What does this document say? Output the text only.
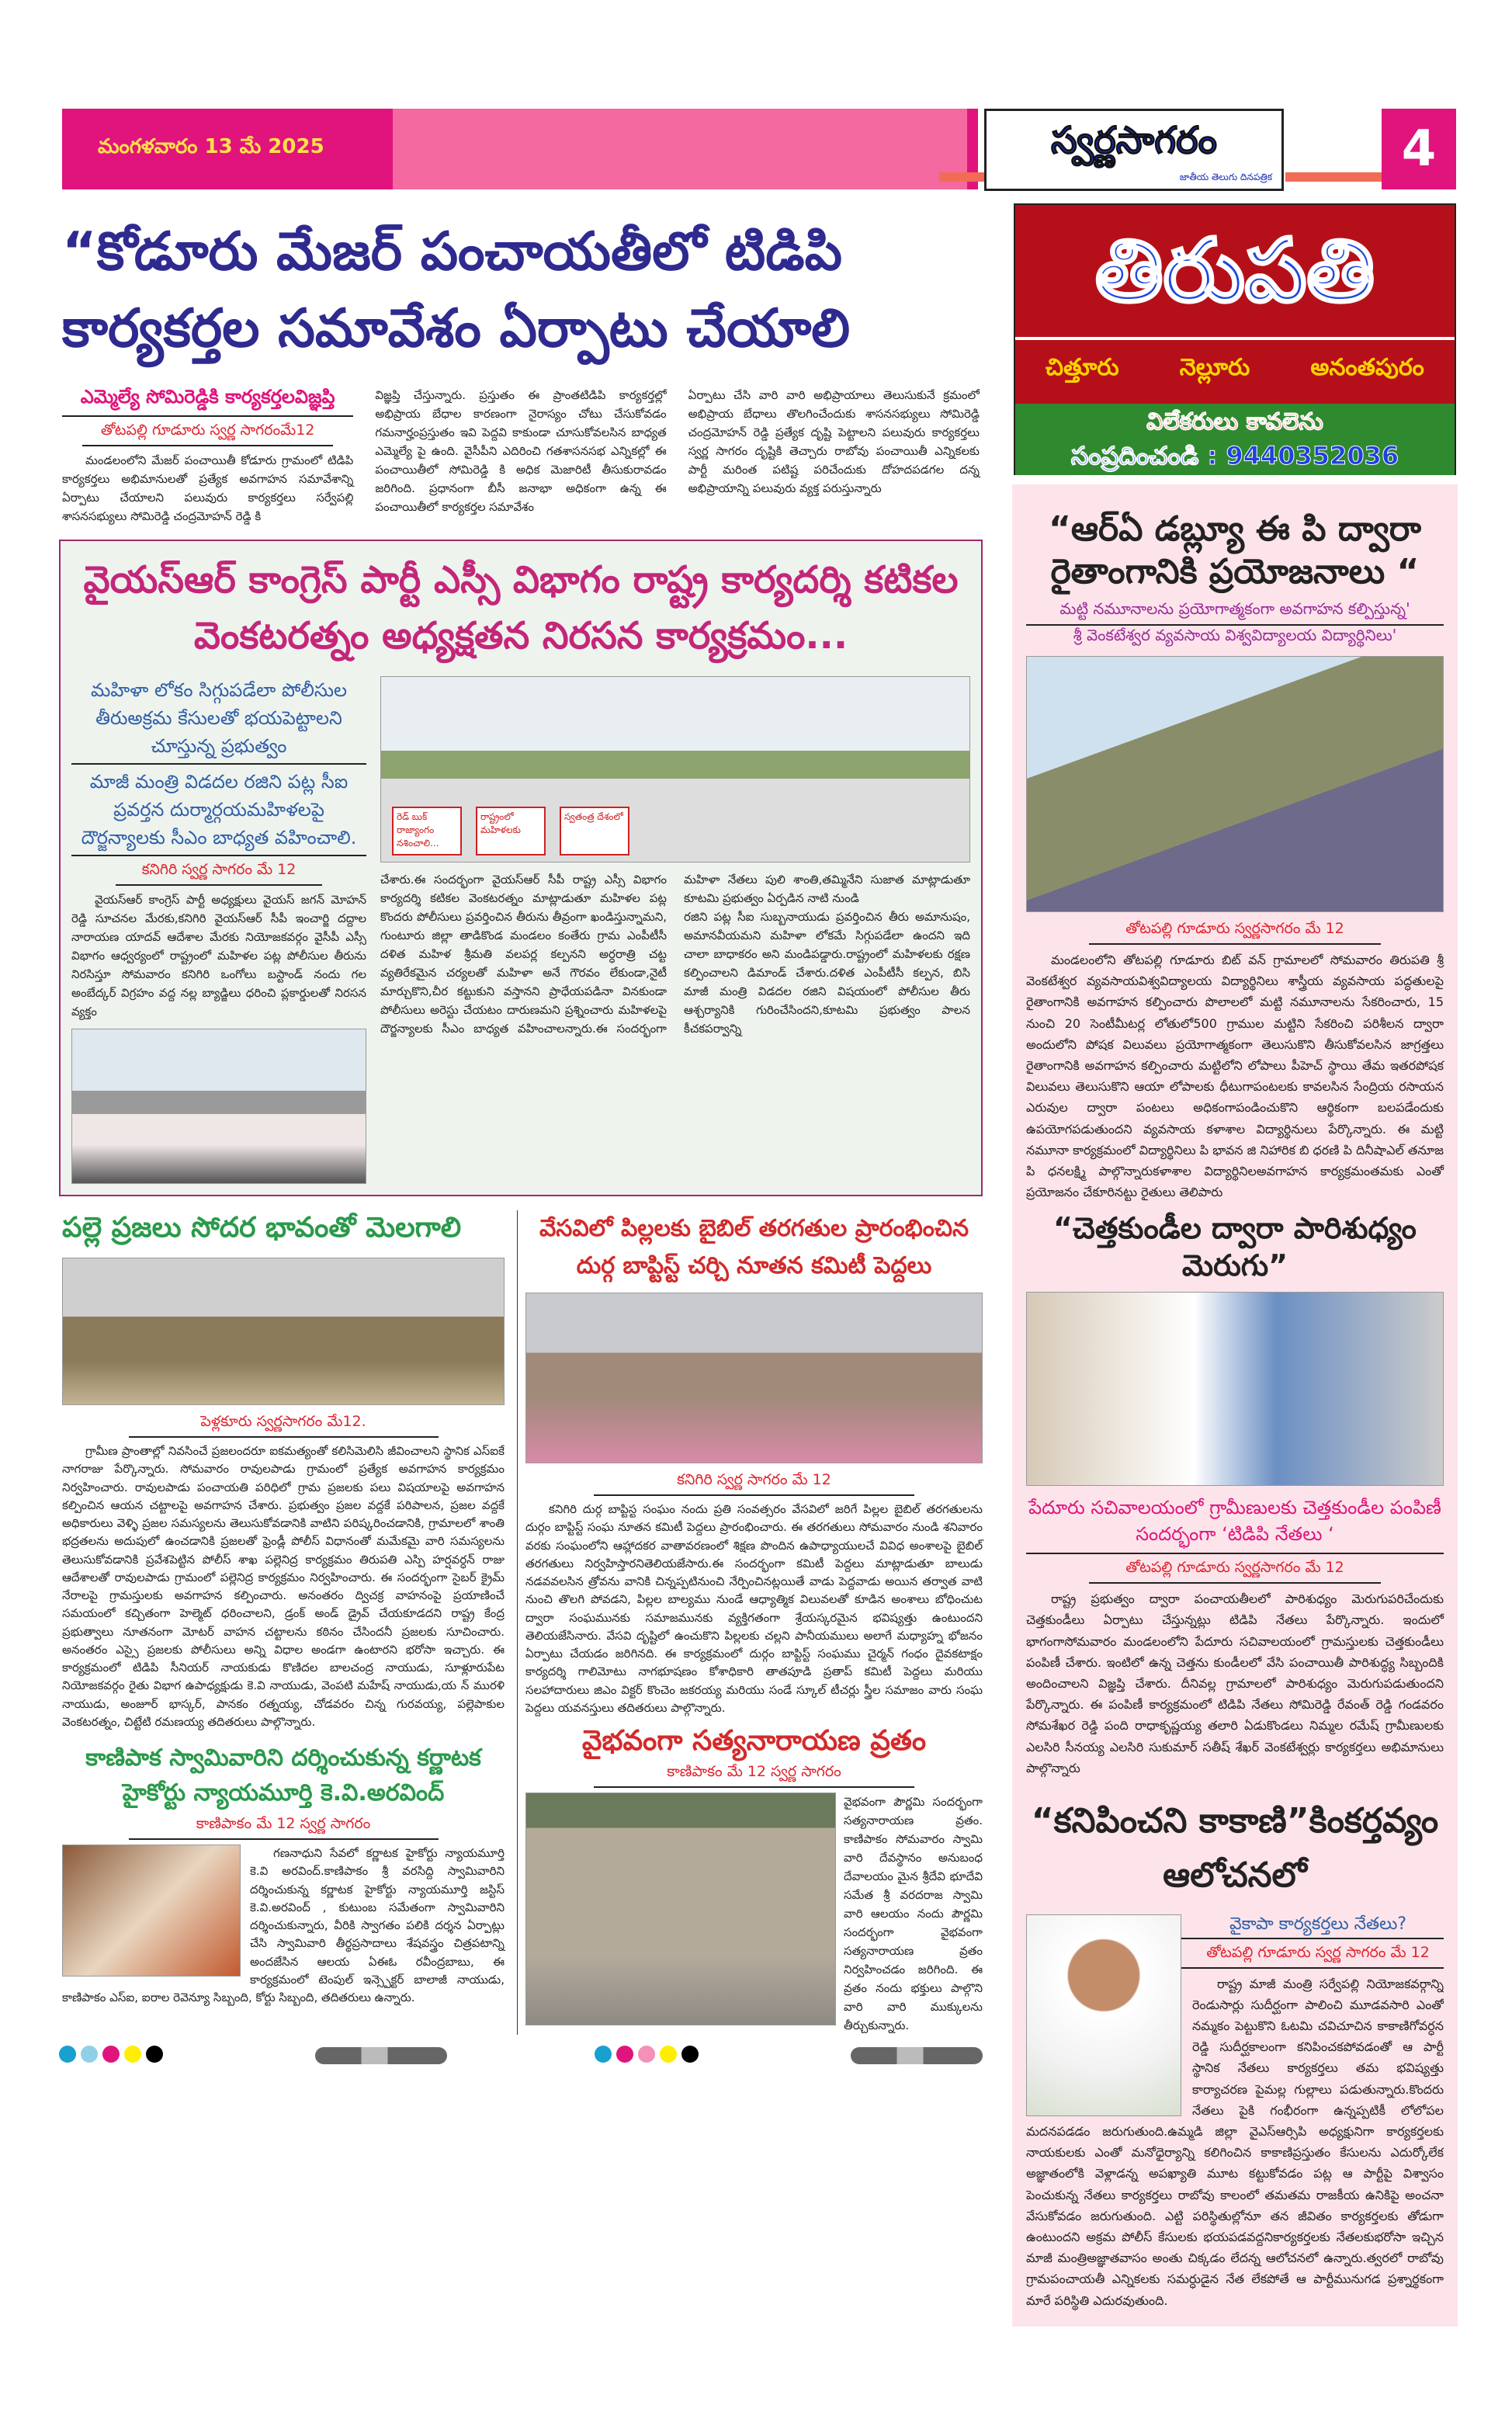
మంగళవారం 13 మే 2025	స్వర్ణసాగరం
జాతీయ తెలుగు దినపత్రిక	4
“కోడూరు మేజర్ పంచాయతీలో టిడిపి కార్యకర్తల సమావేశం ఏర్పాటు చేయాలి
ఎమ్మెల్యే సోమిరెడ్డికి కార్యకర్తలవిజ్ఞప్తి
తోటపల్లి గూడూరు స్వర్ణ సాగరంమే12

మండలంలోని మేజర్ పంచాయితీ కోడూరు గ్రామంలో టిడిపి కార్యకర్తలు అభిమానులతో ప్రత్యేక అవగాహన సమావేశాన్ని ఏర్పాటు చేయాలని పలువురు కార్యకర్తలు సర్వేపల్లి శాసనసభ్యులు సోమిరెడ్డి చంద్రమోహన్ రెడ్డి కి

విజ్ఞప్తి చేస్తున్నారు. ప్రస్తుతం ఈ ప్రాంతటిడిపి కార్యకర్తల్లో అభిప్రాయ బేధాల కారణంగా నైరాస్యం చోటు చేసుకోవడం గమనార్హంప్రస్తుతం ఇవి పెద్దవి కాకుండా చూసుకోవలసిన బాధ్యత ఎమ్మెల్యే పై ఉంది. వైసీపీని ఎదిరించి గతశాసనసభ ఎన్నికల్లో ఈ పంచాయితీలో సోమిరెడ్డి కి అధిక మెజారిటీ తీసుకురావడం జరిగింది. ప్రధానంగా బీసీ జనాభా అధికంగా ఉన్న ఈ పంచాయితీలో కార్యకర్తల సమావేశం

ఏర్పాటు చేసి వారి వారి అభిప్రాయాలు తెలుసుకునే క్రమంలో అభిప్రాయ బేధాలు తొలగించేందుకు శాసనసభ్యులు సోమిరెడ్డి చంద్రమోహన్ రెడ్డి ప్రత్యేక దృష్టి పెట్టాలని పలువురు కార్యకర్తలు స్వర్ణ సాగరం దృష్టికి తెచ్చారు రాబోవు పంచాయితీ ఎన్నికలకు పార్టీ మరింత పటిష్ట పరిచేందుకు దోహదపడగల దన్న అభిప్రాయాన్ని పలువురు వ్యక్త పరుస్తున్నారు

వైయస్ఆర్ కాంగ్రెస్ పార్టీ ఎస్సీ విభాగం రాష్ట్ర కార్యదర్శి కటికల వెంకటరత్నం అధ్యక్షతన నిరసన కార్యక్రమం...
మహిళా లోకం సిగ్గుపడేలా పోలీసుల తీరుఅక్రమ కేసులతో భయపెట్టాలని చూస్తున్న ప్రభుత్వం
మాజీ మంత్రి విడదల రజిని పట్ల సీఐ ప్రవర్తన దుర్మార్గయమహిళలపై దౌర్జన్యాలకు సీఎం బాధ్యత వహించాలి.
కనిగిరి స్వర్ణ సాగరం మే 12

వైయస్ఆర్ కాంగ్రెస్ పార్టీ అధ్యక్షులు వైయస్ జగన్ మోహన్ రెడ్డి సూచనల మేరకు,కనిగిరి వైయస్ఆర్ సీపీ ఇంచార్జి దద్దాల నారాయణ యాదవ్ ఆదేశాల మేరకు నియోజకవర్గం వైసీపీ ఎస్సీ విభాగం ఆధ్వర్యంలో రాష్ట్రంలో మహిళల పట్ల పోలీసుల తీరును నిరసిస్తూ సోమవారం కనిగిరి ఒంగోలు బస్టాండ్ నందు గల అంబేద్కర్ విగ్రహం వద్ద నల్ల బ్యాడ్జిలు ధరించి ప్లకార్డులతో నిరసన వ్యక్తం

రెడ్ బుక్ రాజ్యాంగం నశించాలి...
రాష్ట్రంలో మహిళలకు
స్వతంత్ర దేశంలో

చేశారు.ఈ సందర్భంగా వైయస్ఆర్ సీపీ రాష్ట్ర ఎస్సీ విభాగం కార్యదర్శి కటికల వెంకటరత్నం మాట్లాడుతూ మహిళల పట్ల కొందరు పోలీసులు ప్రవర్తించిన తీరును తీవ్రంగా ఖండిస్తున్నామని, గుంటూరు జిల్లా తాడికొండ మండలం కంతేరు గ్రామ ఎంపీటీసీ దళిత మహిళ శ్రీమతి వలపర్ల కల్పనని అర్ధరాత్రి చట్ట వ్యతిరేకమైన చర్యలతో మహిళా అనే గౌరవం లేకుండా,నైటీ మార్చుకొని,చీర కట్టుకుని వస్తానని ప్రాధేయపడినా వినకుండా పోలీసులు అరెస్టు చేయటం దారుణమని ప్రశ్నించారు మహిళలపై దౌర్జన్యాలకు సీఎం బాధ్యత వహించాలన్నారు.ఈ సందర్భంగా మహిళా నేతలు పులి శాంతి,తమ్మినేని సుజాత మాట్లాడుతూ కూటమి ప్రభుత్వం ఏర్పడిన నాటి నుండి

రజిని పట్ల సీఐ సుబ్బనాయుడు ప్రవర్తించిన తీరు అమానుషం, అమానవీయమని మహిళా లోకమే సిగ్గుపడేలా ఉందని ఇది చాలా బాధాకరం అని మండిపడ్డారు.రాష్ట్రంలో మహిళలకు రక్షణ కల్పించాలని డిమాండ్ చేశారు.దళిత ఎంపీటీసీ కల్పన, బిసి మాజీ మంత్రి విడదల రజిని విషయంలో పోలీసుల తీరు ఆశ్చర్యానికి గురించేసిందని,కూటమి ప్రభుత్వం పాలన కీచకపర్వాన్ని

పల్లె ప్రజలు సోదర భావంతో మెలగాలి
పెళ్లకూరు స్వర్ణసాగరం మే12.

గ్రామీణ ప్రాంతాల్లో నివసించే ప్రజలందరూ ఐకమత్యంతో కలిసిమెలిసి జీవించాలని స్థానిక ఎస్ఐకే నాగరాజు పేర్కొన్నారు. సోమవారం రావులపాడు గ్రామంలో ప్రత్యేక అవగాహన కార్యక్రమం నిర్వహించారు. రావులపాడు పంచాయతి పరిధిలో గ్రామ ప్రజలకు పలు విషయాలపై అవగాహన కల్పించిన ఆయన చట్టాలపై అవగాహన చేశారు. ప్రభుత్వం ప్రజల వద్దకే పరిపాలన, ప్రజల వద్దకే అధికారులు వెళ్ళి ప్రజల సమస్యలను తెలుసుకోవడానికి వాటిని పరిష్కరించడానికి, గ్రామాలలో శాంతి భద్రతలను అదుపులో ఉంచడానికి ప్రజలతో ఫ్రెండ్లీ పోలీస్ విధానంతో మమేకమై వారి సమస్యలను తెలుసుకోవడానికి ప్రవేశపెట్టిన పోలీస్ శాఖ పల్లెనిద్ర కార్యక్రమం తిరుపతి ఎస్పి హర్షవర్ధన్ రాజు ఆదేశాలతో రావులపాడు గ్రామంలో పల్లెనిద్ర కార్యక్రమం నిర్వహించారు. ఈ సందర్భంగా సైబర్ క్రైమ్ నేరాలపై గ్రామస్తులకు అవగాహన కల్పించారు. అనంతరం ద్విచక్ర వాహనంపై ప్రయాణించే సమయంలో కచ్చితంగా హెల్మెట్ ధరించాలని, డ్రంక్ అండ్ డ్రైవ్ చేయకూడదని రాష్ట్ర కేంద్ర ప్రభుత్వాలు నూతనంగా మోటర్ వాహన చట్టాలను కఠినం చేసిందనీ ప్రజలకు సూచించారు. అనంతరం ఎస్సై ప్రజలకు పోలీసులు అన్ని విధాల అండగా ఉంటారని భరోసా ఇచ్చారు. ఈ కార్యక్రమంలో టిడిపి సీనియర్ నాయకుడు కొణిదల బాలచంద్ర నాయుడు, సూళ్లూరుపేట నియోజకవర్గం రైతు విభాగ ఉపాధ్యక్షుడు కె.వి నాయుడు, వెంపటి మహేష్ నాయుడు,య న్ మురళి నాయుడు, అంజూర్ భాస్కర్, పానకం రత్నయ్య, చోడవరం చిన్న గురవయ్య, పల్లెపాకుల వెంకటరత్నం, చిట్టేటి రమణయ్య తదితరులు పాల్గొన్నారు.

కాణిపాక స్వామివారిని దర్శించుకున్న కర్ణాటక హైకోర్టు న్యాయమూర్తి కె.వి.అరవింద్
కాణిపాకం మే 12 స్వర్ణ సాగరం

గణనాధుని సేవలో కర్ణాటక హైకోర్టు న్యాయమూర్తి కె.వి అరవింద్.కాణిపాకం శ్రీ వరసిద్ది స్వామివారిని దర్శించుకున్న కర్ణాటక హైకోర్టు న్యాయమూర్తి జస్టిస్ కె.వి.అరవింద్ , కుటుంబ సమేతంగా స్వామివారిని దర్శించుకున్నారు, వీరికి స్వాగతం పలికి దర్శన ఏర్పాట్లు చేసి స్వామివారి తీర్థప్రసాదాలు శేషవస్త్రం చిత్రపటాన్ని అందజేసిన ఆలయ ఏఈఓ రవీంద్రబాబు, ఈ కార్యక్రమంలో టెంపుల్ ఇన్స్పెక్టర్ బాలాజీ నాయుడు, కాణిపాకం ఎస్ఐ, ఐరాల రెవెన్యూ సిబ్బంది, కోర్టు సిబ్బంది, తదితరులు ఉన్నారు.

వేసవిలో పిల్లలకు బైబిల్ తరగతుల ప్రారంభించిన దుర్గ బాప్టిస్ట్ చర్చి నూతన కమిటీ పెద్దలు
కనిగిరి స్వర్ణ సాగరం మే 12

కనిగిరి దుర్గ బాప్టిస్ట సంఘం నందు ప్రతి సంవత్సరం వేసవిలో జరిగే పిల్లల బైబిల్ తరగతులను దుర్గం బాప్టిస్ట్ సంఘ నూతన కమిటీ పెద్దలు ప్రారంభించారు. ఈ తరగతులు సోమవారం నుండి శనివారం వరకు సంఘంలోని ఆహ్లాదకర వాతావరణంలో శిక్షణ పొందిన ఉపాధ్యాయులచే వివిధ అంశాలపై బైబిల్ తరగతులు నిర్వహిస్తారనితెలియజేసారు.ఈ సందర్భంగా కమిటీ పెద్దలు మాట్లాడుతూ బాలుడు నడవవలసిన త్రోవను వానికి చిన్నప్పటినుంచి నేర్పించినట్లయితే వాడు పెద్దవాడు అయిన తర్వాత వాటి నుంచి తొలగి పోవడని, పిల్లల బాల్యము నుండే ఆధ్యాత్మిక విలువలతో కూడిన అంశాలు బోధించుట ద్వారా సంఘమునకు సమాజమునకు వ్యక్తిగతంగా శ్రేయస్కరమైన భవిష్యత్తు ఉంటుందని తెలియజేసినారు. వేసవి దృష్టిలో ఉంచుకొని పిల్లలకు చల్లని పానీయములు అలాగే మధ్యాహ్న భోజనం ఏర్పాటు చేయడం జరిగినది. ఈ కార్యక్రమంలో దుర్గం బాప్టిస్ట్ సంఘము చైర్మన్ గంధం దైవకటాక్షం కార్యదర్శి గాలిమోటు నాగభూషణం కోశాధికారి తాతపూడి ప్రతాప్ కమిటీ పెద్దలు మరియు సలహాదారులు జిఎం విక్టర్ కొంచెం జకరయ్య మరియు సండే స్కూల్ టీచర్లు స్త్రీల సమాజం వారు సంఘ పెద్దలు యవనస్తులు తదితరులు పాల్గొన్నారు.

వైభవంగా సత్యనారాయణ వ్రతం
కాణిపాకం మే 12 స్వర్ణ సాగరం

వైభవంగా పౌర్ణమి సందర్భంగా సత్యనారాయణ వ్రతం. కాణిపాకం సోమవారం స్వామి వారి దేవస్థానం అనుబంధ దేవాలయం మైన శ్రీదేవి భూదేవి సమేత శ్రీ వరదరాజ స్వామి వారి ఆలయం నందు పౌర్ణమి సందర్భంగా వైభవంగా సత్యనారాయణ వ్రతం నిర్వహించడం జరిగింది. ఈ వ్రతం నందు భక్తులు పాల్గొని వారి వారి ముక్కులను తీర్చుకున్నారు.

తిరుపతి
చిత్తూరు	నెల్లూరు	అనంతపురం
విలేకరులు కావలెను
సంప్రదించండి : 9440352036
“ఆర్ఏ డబ్ల్యూ ఈ పి ద్వారా రైతాంగానికి ప్రయోజనాలు “
మట్టి నమూనాలను ప్రయోగాత్మకంగా అవగాహన కల్పిస్తున్న'
శ్రీ వెంకటేశ్వర వ్యవసాయ విశ్వవిద్యాలయ విద్యార్థినిలు'
తోటపల్లి గూడూరు స్వర్ణసాగరం మే 12

మండలంలోని తోటపల్లి గూడూరు బిట్ వన్ గ్రామాలలో సోమవారం తిరుపతి శ్రీ వెంకటేశ్వర వ్యవసాయవిశ్వవిద్యాలయ విద్యార్థినిలు శాస్త్రీయ వ్యవసాయ పద్ధతులపై రైతాంగానికి అవగాహన కల్పించారు పొలాలలో మట్టి నమూనాలను సేకరించారు, 15 నుంచి 20 సెంటీమీటర్ల లోతులో500 గ్రాముల మట్టిని సేకరించి పరిశీలన ద్వారా అందులోని పోషక విలువలు ప్రయోగాత్మకంగా తెలుసుకొని తీసుకోవలసిన జాగ్రత్తలు రైతాంగానికి అవగాహన కల్పించారు మట్టిలోని లోపాలు పీహెచ్ స్థాయి తేమ ఇతరపోషక విలువలు తెలుసుకొని ఆయా లోపాలకు ధీటుగాపంటలకు కావలసిన సేంద్రియ రసాయన ఎరువుల ద్వారా పంటలు అధికంగాపండించుకొని ఆర్థికంగా బలపడేందుకు ఉపయోగపడుతుందని వ్యవసాయ కళాశాల విద్యార్థినులు పేర్కొన్నారు. ఈ మట్టి నమూనా కార్యక్రమంలో విద్యార్థినిలు పి భావన జి నిహారిక బి ధరణి పి దినీషాఎల్ తనూజ పి ధనలక్ష్మి పాల్గొన్నారుకళాశాల విద్యార్థినిలఅవగాహన కార్యక్రమంతమకు ఎంతో ప్రయోజనం చేకూరినట్టు రైతులు తెలిపారు

“చెత్తకుండీల ద్వారా పారిశుధ్యం మెరుగు”
పేదూరు సచివాలయంలో గ్రామీణులకు చెత్తకుండీల పంపిణీ సందర్భంగా ‘టిడిపి నేతలు ‘
తోటపల్లి గూడూరు స్వర్ణసాగరం మే 12

రాష్ట్ర ప్రభుత్వం ద్వారా పంచాయతీలలో పారిశుధ్యం మెరుగుపరిచేందుకు చెత్తకుండీలు ఏర్పాటు చేస్తున్నట్లు టిడిపి నేతలు పేర్కొన్నారు. ఇందులో భాగంగాసోమవారం మండలంలోని పేదూరు సచివాలయంలో గ్రామస్తులకు చెత్తకుండీలు పంపిణీ చేశారు. ఇంటిలో ఉన్న చెత్తను కుండీలలో వేసి పంచాయితీ పారిశుద్ధ్య సిబ్బందికి అందించాలని విజ్ఞప్తి చేశారు. దీనివల్ల గ్రామాలలో పారిశుధ్యం మెరుగుపడుతుందని పేర్కొన్నారు. ఈ పంపిణీ కార్యక్రమంలో టిడిపి నేతలు సోమిరెడ్డి రేవంత్ రెడ్డి గండవరం సోమశేఖర రెడ్డి పంది రాధాకృష్ణయ్య తలారి ఏడుకొండలు నిమ్మల రమేష్ గ్రామీణులకు ఎలసిరి సీనయ్య ఎలసిరి సుకుమార్ సతీష్ శేఖర్ వెంకటేశ్వర్లు కార్యకర్తలు అభిమానులు పాల్గొన్నారు

“కనిపించని కాకాణి”కింకర్తవ్యం ఆలోచనలో
వైకాపా కార్యకర్తలు నేతలు?
తోటపల్లి గూడూరు స్వర్ణ సాగరం మే 12

రాష్ట్ర మాజీ మంత్రి సర్వేపల్లి నియోజకవర్గాన్ని రెండుసార్లు సుదీర్ఘంగా పాలించి మూడవసారి ఎంతో నమ్మకం పెట్టుకొని ఓటమి చవిచూచిన కాకాణిగోవర్ధన రెడ్డి సుదీర్ఘకాలంగా కనిపించకపోవడంతో ఆ పార్టీ స్థానిక నేతలు కార్యకర్తలు తమ భవిష్యత్తు కార్యాచరణ పైమల్ల గుల్లాలు పడుతున్నారు.కొందరు నేతలు పైకి గంభీరంగా ఉన్నప్పటికీ లోలోపల మదనపడడం జరుగుతుంది.ఉమ్మడి జిల్లా వైఎస్ఆర్సిపి అధ్యక్షునిగా కార్యకర్తలకు నాయకులకు ఎంతో మనోధైర్యాన్ని కలిగించిన కాకాణిప్రస్తుతం కేసులను ఎదుర్కోలేక అజ్ఞాతంలోకి వెళ్లాడన్న అపఖ్యాతి మూట కట్టుకోవడం పట్ల ఆ పార్టీపై విశ్వాసం పెంచుకున్న నేతలు కార్యకర్తలు రాబోవు కాలంలో తమతమ రాజకీయ ఉనికిపై అంచనా వేసుకోవడం జరుగుతుంది. ఎట్టి పరిస్థితుల్లోనూ తన జీవితం కార్యకర్తలకు తోడుగా ఉంటుందని అక్రమ పోలీస్ కేసులకు భయపడవద్దనికార్యకర్తలకు నేతలకుభరోసా ఇచ్చిన మాజీ మంత్రిఅజ్ఞాతవాసం అంతు చిక్కడం లేదన్న ఆలోచనలో ఉన్నారు.త్వరలో రాబోవు గ్రామపంచాయతీ ఎన్నికలకు సమర్ధుడైన నేత లేకపోతే ఆ పార్టీమునుగడ ప్రశ్నార్థకంగా మారే పరిస్థితి ఎదురవుతుంది.
